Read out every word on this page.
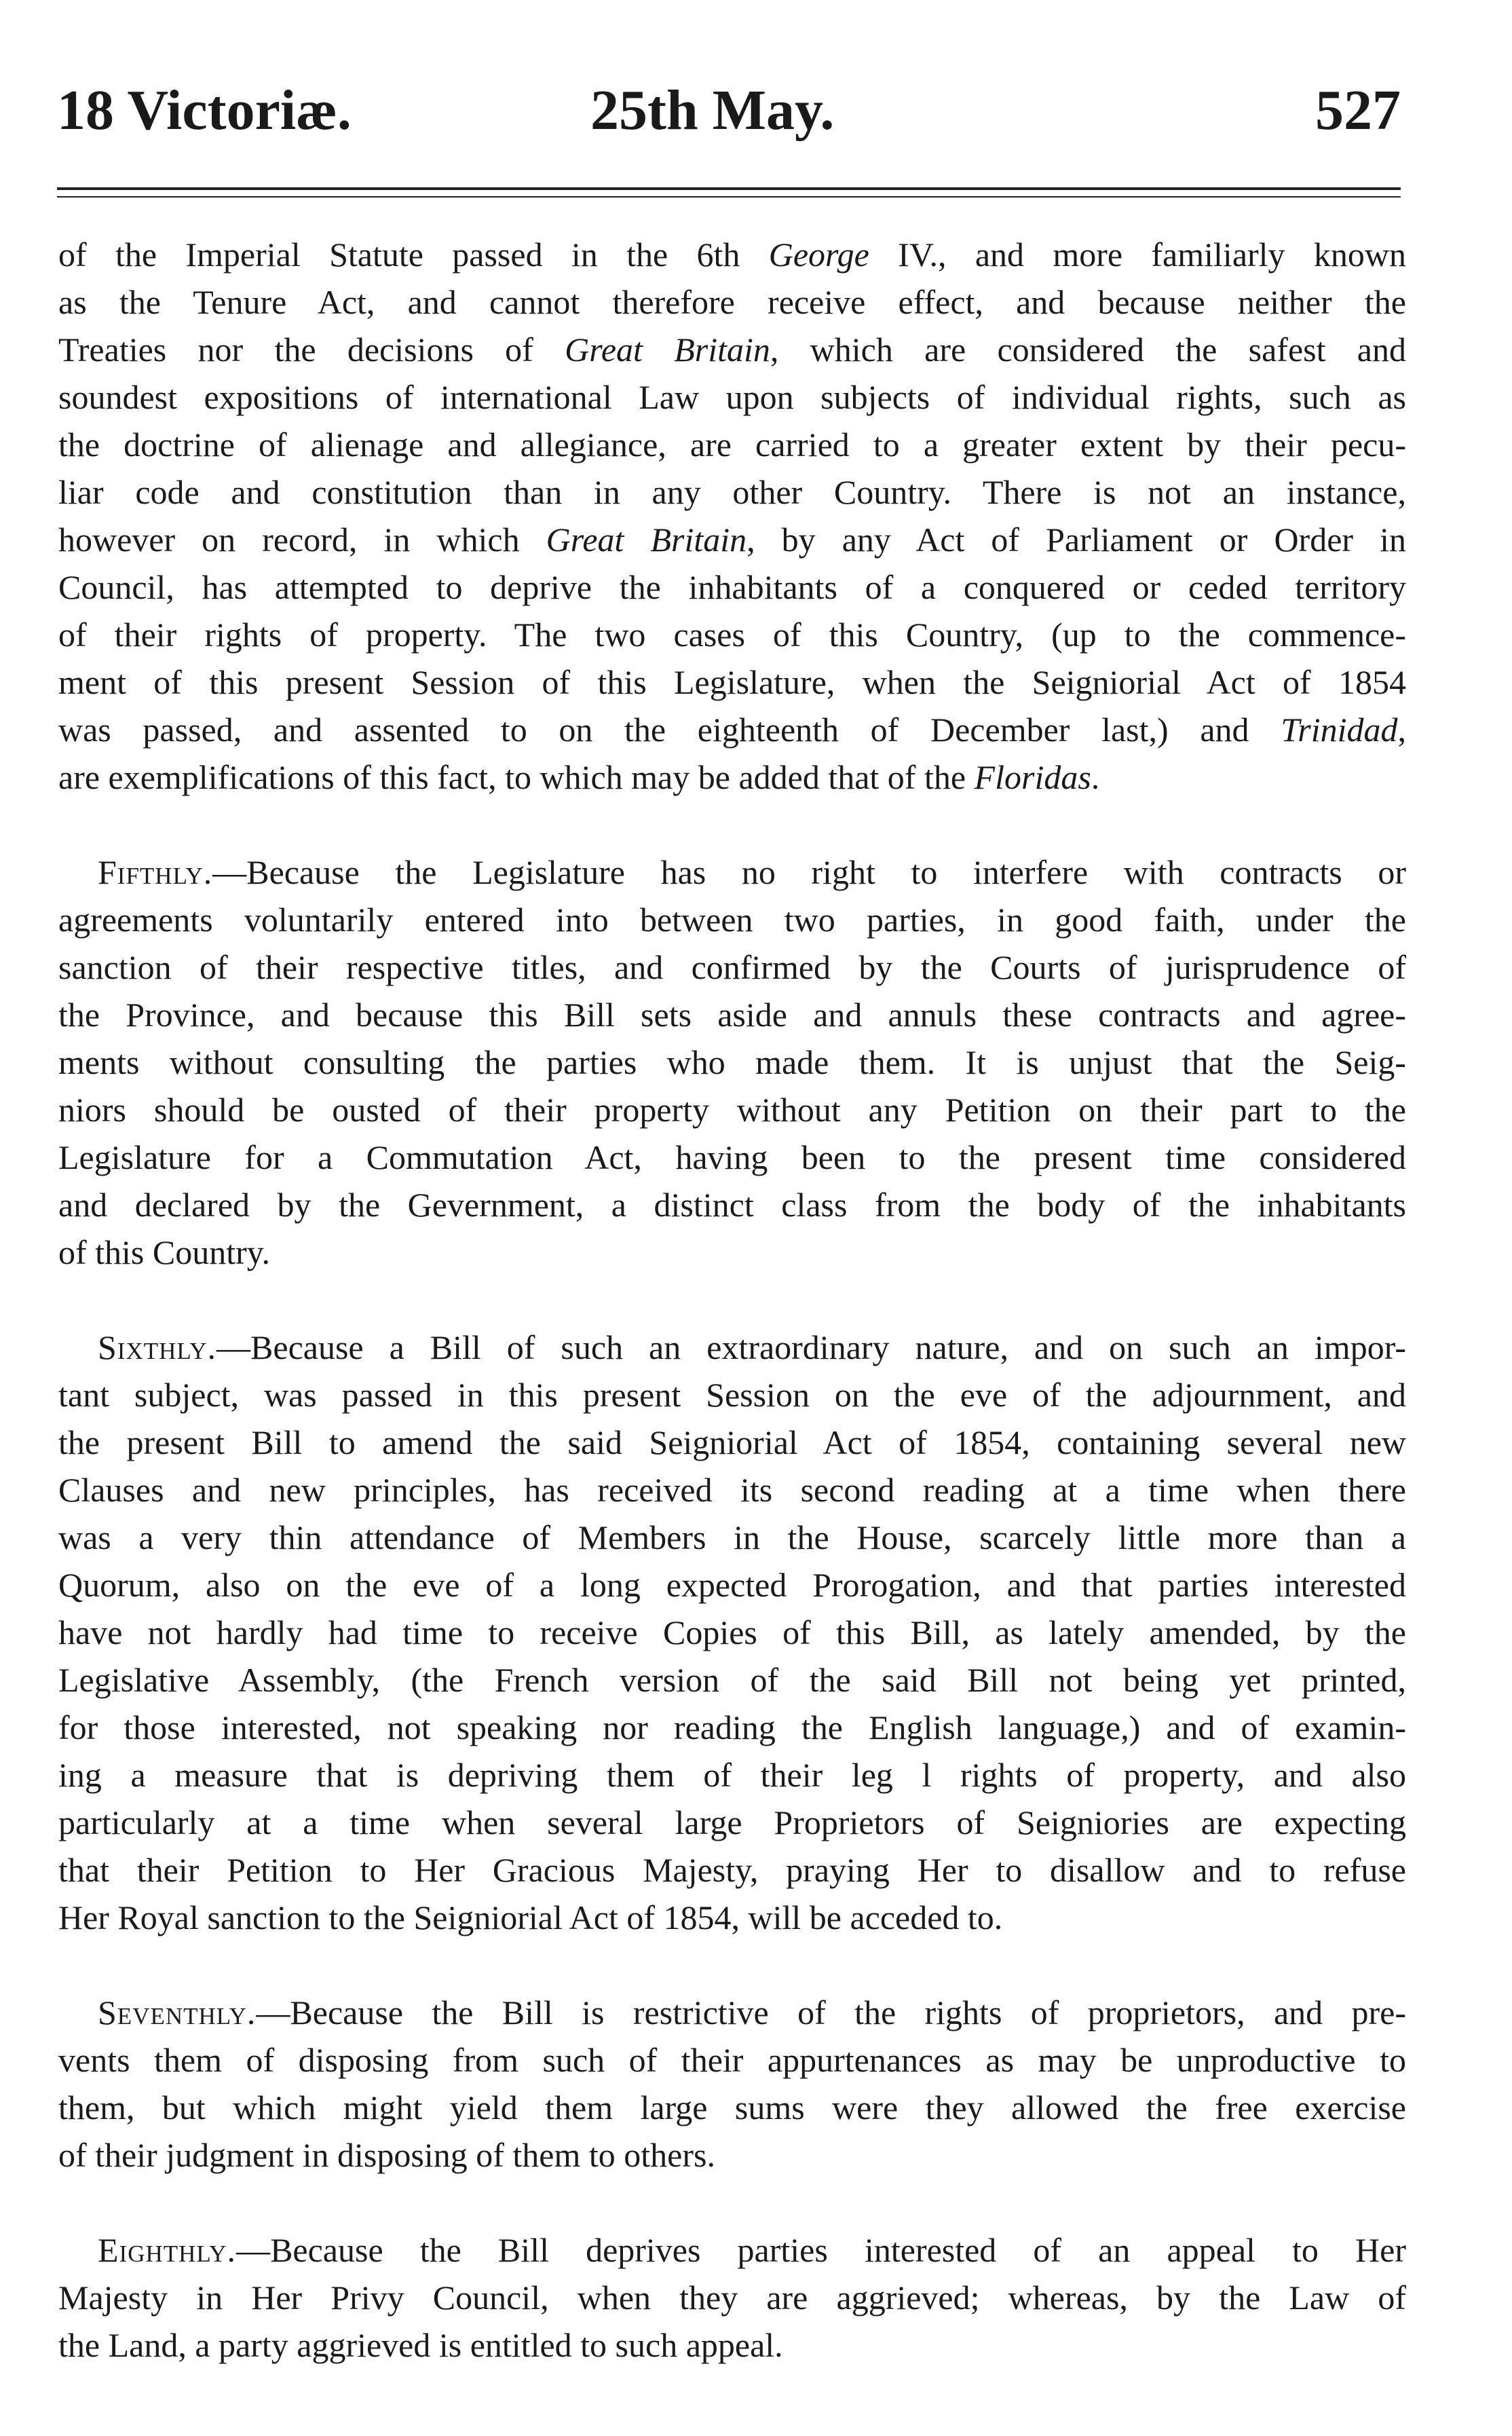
18 Victoriæ.	25th May.	527
of the Imperial Statute passed in the 6th George IV., and more familiarly known
as the Tenure Act, and cannot therefore receive effect, and because neither the
Treaties nor the decisions of Great Britain, which are considered the safest and
soundest expositions of international Law upon subjects of individual rights, such as
the doctrine of alienage and allegiance, are carried to a greater extent by their pecu-
liar code and constitution than in any other Country. There is not an instance,
however on record, in which Great Britain, by any Act of Parliament or Order in
Council, has attempted to deprive the inhabitants of a conquered or ceded territory
of their rights of property. The two cases of this Country, (up to the commence-
ment of this present Session of this Legislature, when the Seigniorial Act of 1854
was passed, and assented to on the eighteenth of December last,) and Trinidad,
are exemplifications of this fact, to which may be added that of the Floridas.
Fifthly.—Because the Legislature has no right to interfere with contracts or
agreements voluntarily entered into between two parties, in good faith, under the
sanction of their respective titles, and confirmed by the Courts of jurisprudence of
the Province, and because this Bill sets aside and annuls these contracts and agree-
ments without consulting the parties who made them. It is unjust that the Seig-
niors should be ousted of their property without any Petition on their part to the
Legislature for a Commutation Act, having been to the present time considered
and declared by the Gevernment, a distinct class from the body of the inhabitants
of this Country.
Sixthly.—Because a Bill of such an extraordinary nature, and on such an impor-
tant subject, was passed in this present Session on the eve of the adjournment, and
the present Bill to amend the said Seigniorial Act of 1854, containing several new
Clauses and new principles, has received its second reading at a time when there
was a very thin attendance of Members in the House, scarcely little more than a
Quorum, also on the eve of a long expected Prorogation, and that parties interested
have not hardly had time to receive Copies of this Bill, as lately amended, by the
Legislative Assembly, (the French version of the said Bill not being yet printed,
for those interested, not speaking nor reading the English language,) and of examin-
ing a measure that is depriving them of their leg l rights of property, and also
particularly at a time when several large Proprietors of Seigniories are expecting
that their Petition to Her Gracious Majesty, praying Her to disallow and to refuse
Her Royal sanction to the Seigniorial Act of 1854, will be acceded to.
Seventhly.—Because the Bill is restrictive of the rights of proprietors, and pre-
vents them of disposing from such of their appurtenances as may be unproductive to
them, but which might yield them large sums were they allowed the free exercise
of their judgment in disposing of them to others.
Eighthly.—Because the Bill deprives parties interested of an appeal to Her
Majesty in Her Privy Council, when they are aggrieved; whereas, by the Law of
the Land, a party aggrieved is entitled to such appeal.
